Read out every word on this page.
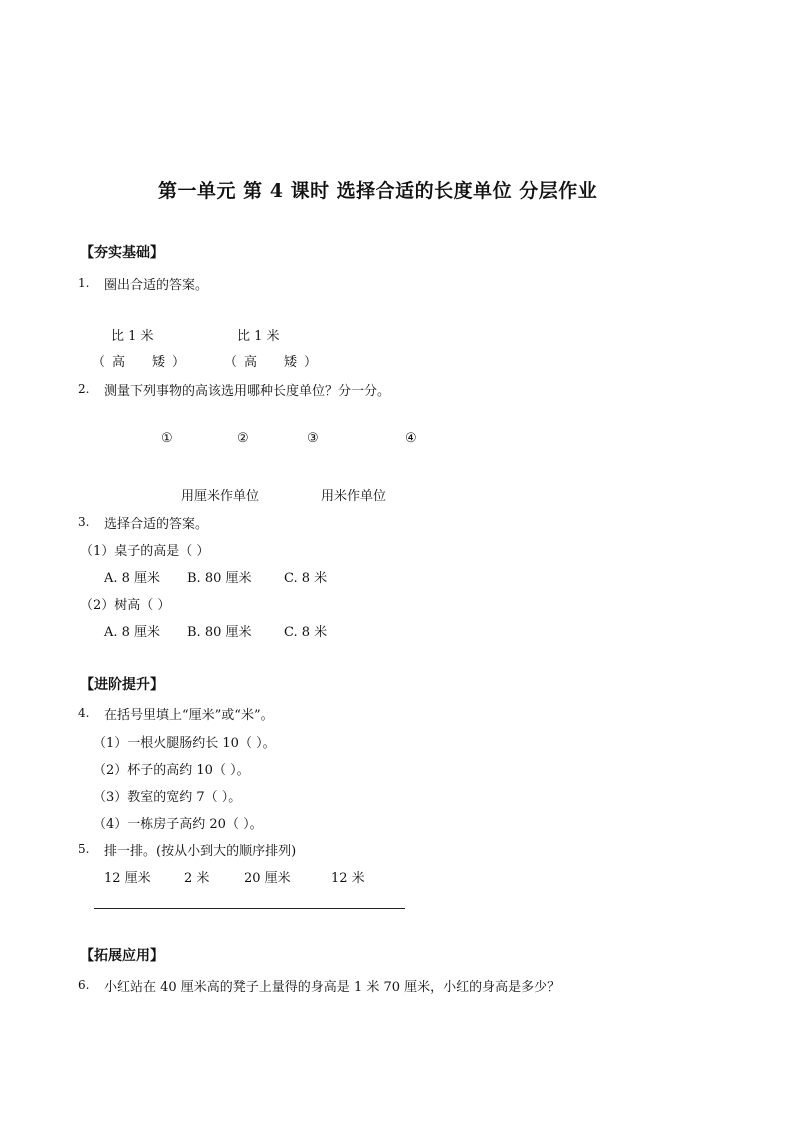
第一单元 第 4 课时 选择合适的长度单位 分层作业
【夯实基础】
1. 圈出合适的答案。
比 1 米	比 1 米
（ 高 矮 ）	（ 高 矮 ）
2. 测量下列事物的高该选用哪种长度单位？分一分。
①	②	③	④
用厘米作单位	用米作单位
3. 选择合适的答案。
（1）桌子的高是（ ）
A. 8 厘米 B. 80 厘米	C. 8 米
（2）树高（ ）
A. 8 厘米 B. 80 厘米	C. 8 米
【进阶提升】
4. 在括号里填上“厘米”或“米”。
（1）一根火腿肠约长 10（ ）。
（2）杯子的高约 10（ ）。
（3）教室的宽约 7（ ）。
（4）一栋房子高约 20（ ）。
5. 排一排。(按从小到大的顺序排列)
12 厘米	2 米	20 厘米	12 米
【拓展应用】
6. 小红站在 40 厘米高的凳子上量得的身高是 1 米 70 厘米，小红的身高是多少？
